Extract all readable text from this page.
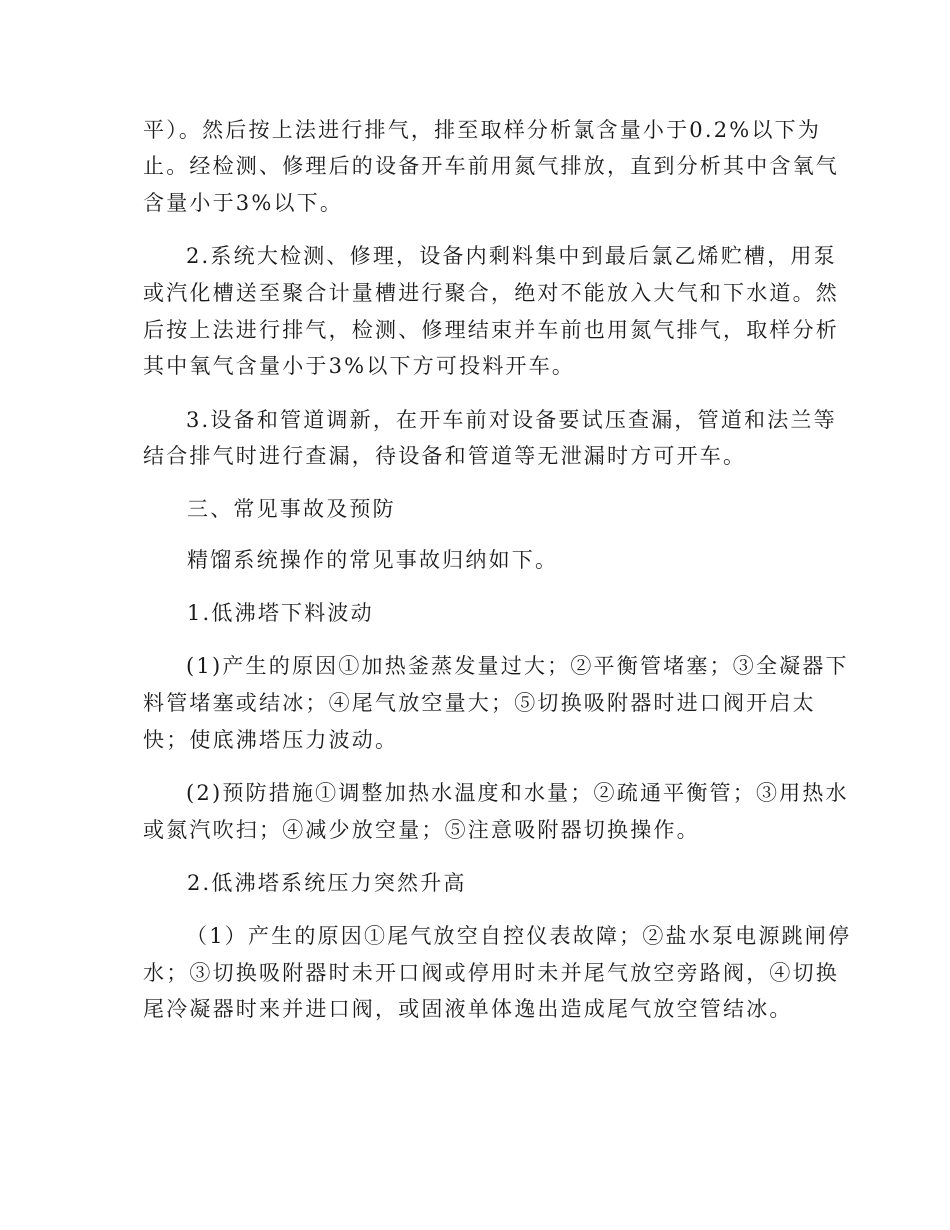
平）。然后按上法进行排气，排至取样分析氯含量小于0.2%以下为
止。经检测、修理后的设备开车前用氮气排放，直到分析其中含氧气
含量小于3%以下。
2.系统大检测、修理，设备内剩料集中到最后氯乙烯贮槽，用泵
或汽化槽送至聚合计量槽进行聚合，绝对不能放入大气和下水道。然
后按上法进行排气，检测、修理结束并车前也用氮气排气，取样分析
其中氧气含量小于3%以下方可投料开车。
3.设备和管道调新，在开车前对设备要试压查漏，管道和法兰等
结合排气时进行查漏，待设备和管道等无泄漏时方可开车。
三、常见事故及预防
精馏系统操作的常见事故归纳如下。
1.低沸塔下料波动
(1)产生的原因①加热釜蒸发量过大；②平衡管堵塞；③全凝器下
料管堵塞或结冰；④尾气放空量大；⑤切换吸附器时进口阀开启太
快；使底沸塔压力波动。
(2)预防措施①调整加热水温度和水量；②疏通平衡管；③用热水
或氮汽吹扫；④减少放空量；⑤注意吸附器切换操作。
2.低沸塔系统压力突然升高
（1）产生的原因①尾气放空自控仪表故障；②盐水泵电源跳闸停
水；③切换吸附器时未开口阀或停用时未并尾气放空旁路阀，④切换
尾冷凝器时来并进口阀，或固液单体逸出造成尾气放空管结冰。
